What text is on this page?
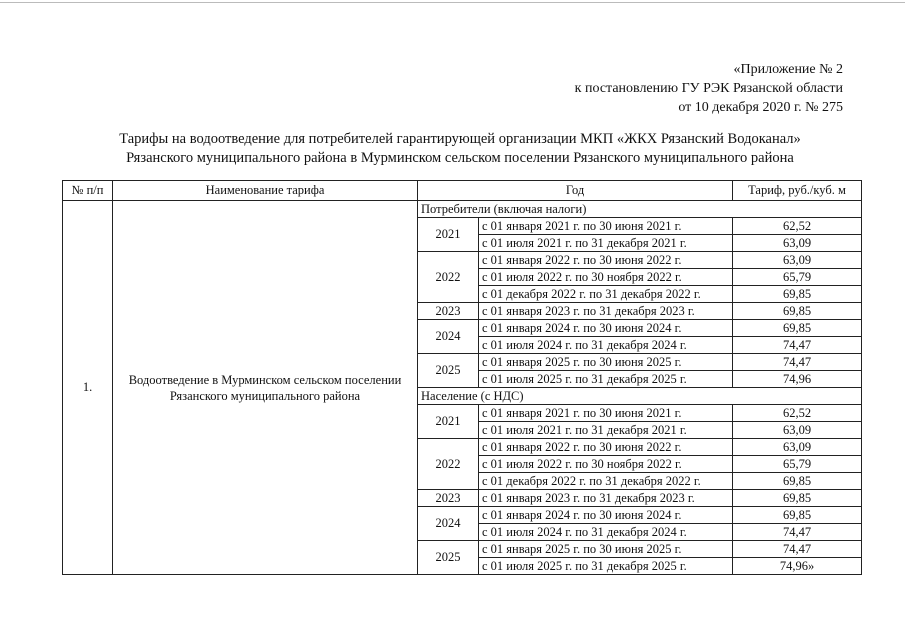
«Приложение № 2
к постановлению ГУ РЭК Рязанской области
от 10 декабря 2020 г. № 275
Тарифы на водоотведение для потребителей гарантирующей организации МКП «ЖКХ Рязанский Водоканал»
Рязанского муниципального района в Мурминском сельском поселении Рязанского муниципального района
№ п/п	Наименование тарифа	Год		Тариф, руб./куб. м
1.	Водоотведение в Мурминском сельском поселении Рязанского муниципального района	Потребители (включая налоги)		
		2021	с 01 января 2021 г. по 30 июня 2021 г.	62,52
			с 01 июля 2021 г. по 31 декабря 2021 г.	63,09
		2022	с 01 января 2022 г. по 30 июня 2022 г.	63,09
			с 01 июля 2022 г. по 30 ноября 2022 г.	65,79
			с 01 декабря 2022 г. по 31 декабря 2022 г.	69,85
		2023	с 01 января 2023 г. по 31 декабря 2023 г.	69,85
		2024	с 01 января 2024 г. по 30 июня 2024 г.	69,85
			с 01 июля 2024 г. по 31 декабря 2024 г.	74,47
		2025	с 01 января 2025 г. по 30 июня 2025 г.	74,47
			с 01 июля 2025 г. по 31 декабря 2025 г.	74,96
		Население (с НДС)		
		2021	с 01 января 2021 г. по 30 июня 2021 г.	62,52
			с 01 июля 2021 г. по 31 декабря 2021 г.	63,09
		2022	с 01 января 2022 г. по 30 июня 2022 г.	63,09
			с 01 июля 2022 г. по 30 ноября 2022 г.	65,79
			с 01 декабря 2022 г. по 31 декабря 2022 г.	69,85
		2023	с 01 января 2023 г. по 31 декабря 2023 г.	69,85
		2024	с 01 января 2024 г. по 30 июня 2024 г.	69,85
			с 01 июля 2024 г. по 31 декабря 2024 г.	74,47
		2025	с 01 января 2025 г. по 30 июня 2025 г.	74,47
			с 01 июля 2025 г. по 31 декабря 2025 г.	74,96»
